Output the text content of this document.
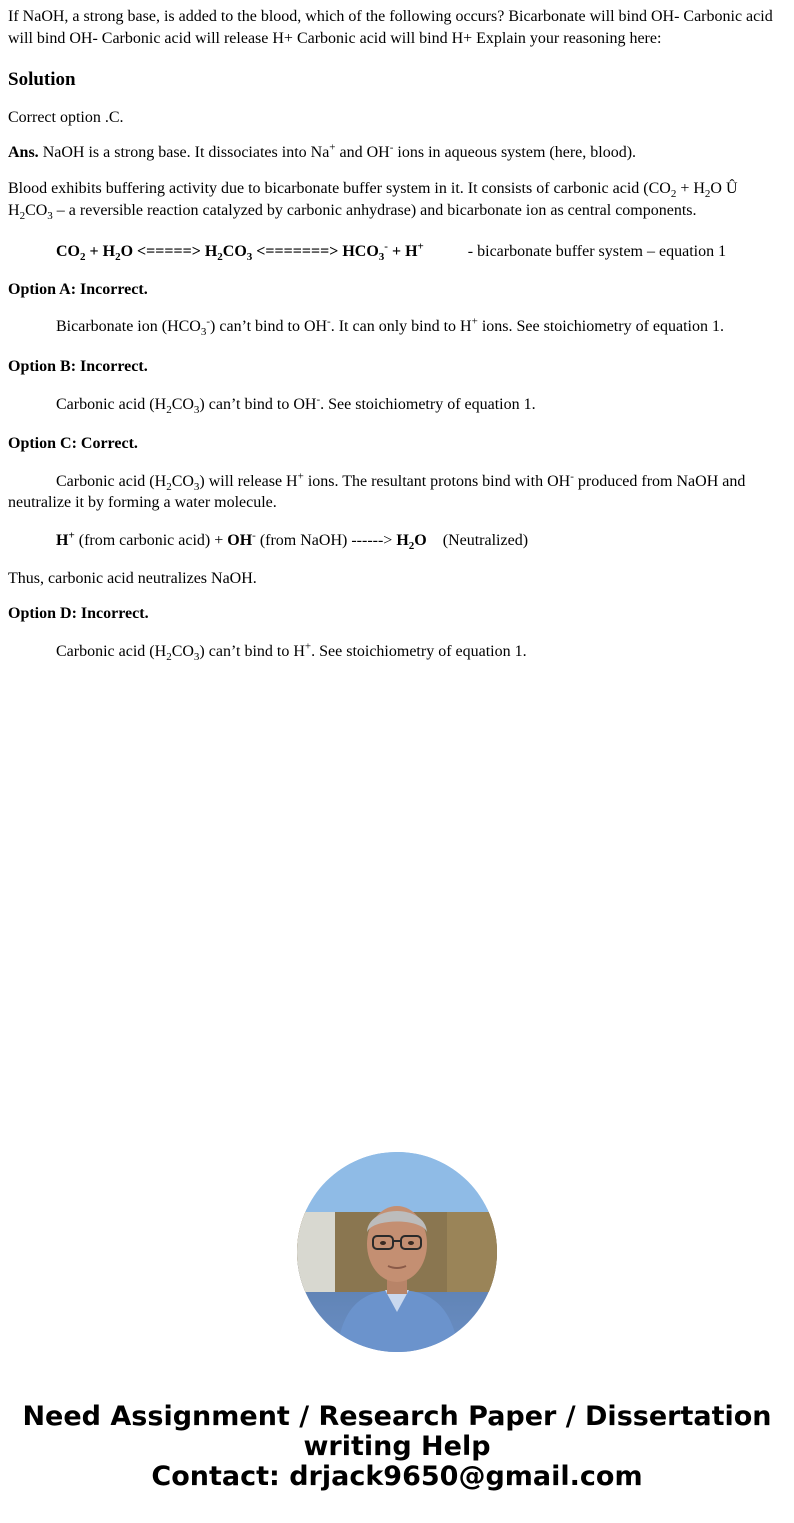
If NaOH, a strong base, is added to the blood, which of the following occurs? Bicarbonate will bind OH- Carbonic acid will bind OH- Carbonic acid will release H+ Carbonic acid will bind H+ Explain your reasoning here:

Solution

Correct option .C.

Ans. NaOH is a strong base. It dissociates into Na+ and OH- ions in aqueous system (here, blood).

Blood exhibits buffering activity due to bicarbonate buffer system in it. It consists of carbonic acid ($CO_2 + H_2O$ Û $H_2CO_3$ – a reversible reaction catalyzed by carbonic anhydrase) and bicarbonate ion as central components.

$CO_2 + H_2O$ <=====> $H_2CO_3$ <=======> $HCO_3^- + H^+$	- bicarbonate buffer system – equation 1

Option A: Incorrect.

Bicarbonate ion $(HCO_3^-)$ can’t bind to OH-. It can only bind to H+ ions. See stoichiometry of equation 1.

Option B: Incorrect.

Carbonic acid $(H_2CO_3)$ can’t bind to OH-. See stoichiometry of equation 1.

Option C: Correct.

Carbonic acid $(H_2CO_3)$ will release H+ ions. The resultant protons bind with OH- produced from NaOH and neutralize it by forming a water molecule.

H+ (from carbonic acid) + OH- (from NaOH) ------> $H_2O$ (Neutralized)

Thus, carbonic acid neutralizes NaOH.

Option D: Incorrect.

Carbonic acid $(H_2CO_3)$ can’t bind to H+. See stoichiometry of equation 1.

Need Assignment / Research Paper / Dissertation
writing Help
Contact: drjack9650@gmail.com
